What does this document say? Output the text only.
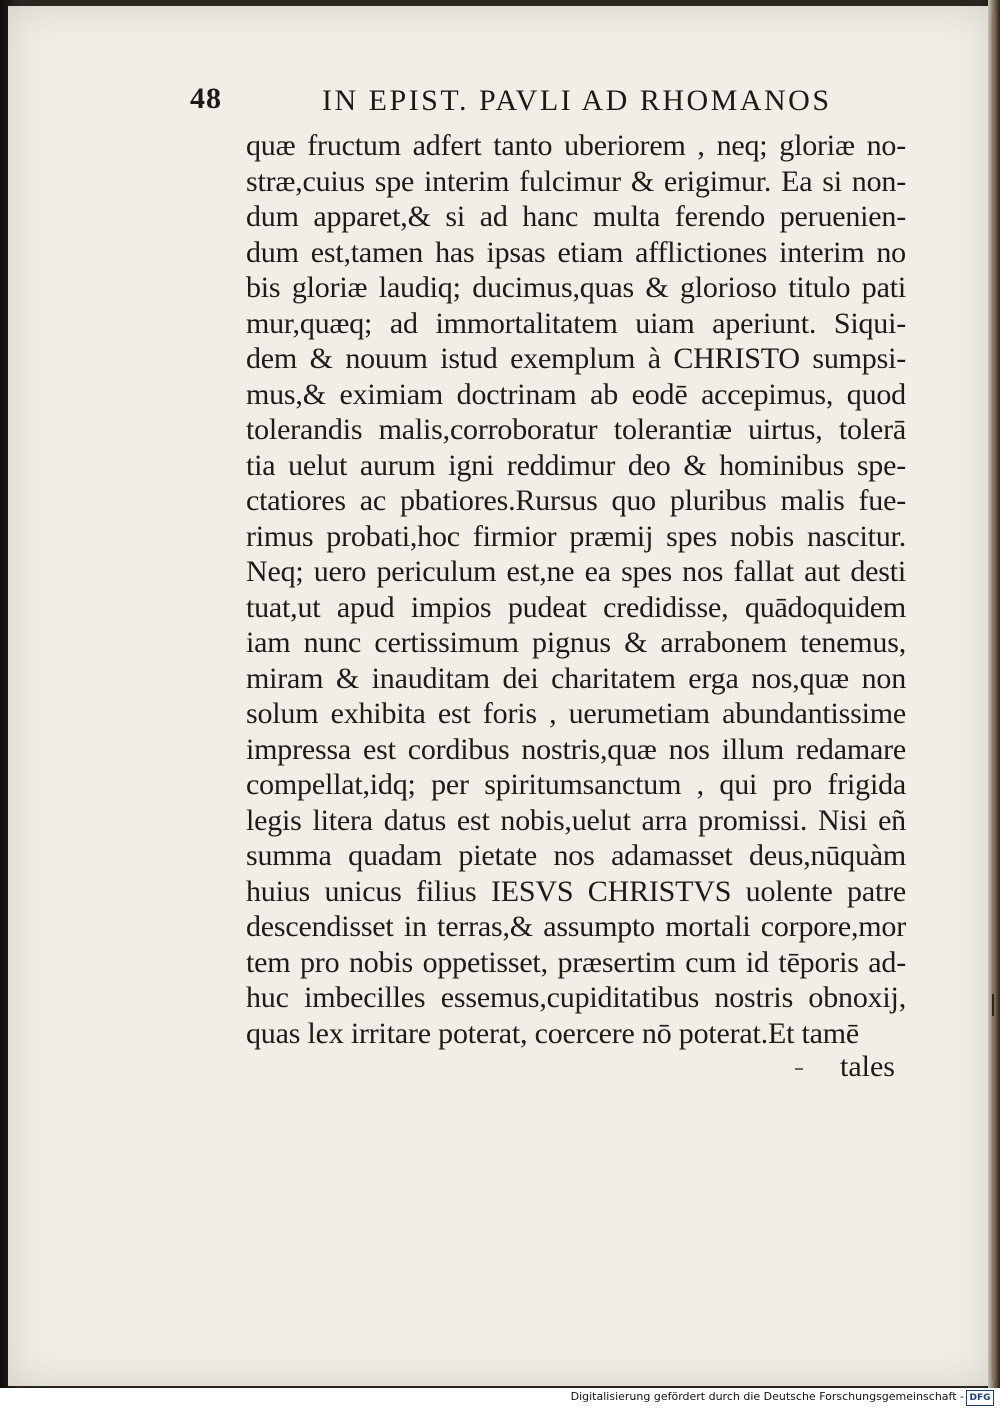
48	IN EPIST. PAVLI AD RHOMANOS
quæ fructum adfert tanto uberiorem , neq; gloriæ no-
stræ,cuius spe interim fulcimur & erigimur. Ea si non-
dum apparet,& si ad hanc multa ferendo peruenien-
dum est,tamen has ipsas etiam afflictiones interim no
bis gloriæ laudiq; ducimus,quas & glorioso titulo pati
mur,quæq; ad immortalitatem uiam aperiunt. Siqui-
dem & nouum istud exemplum à CHRISTO sumpsi-
mus,& eximiam doctrinam ab eodē accepimus, quod
tolerandis malis,corroboratur tolerantiæ uirtus, tolerā
tia uelut aurum igni reddimur deo & hominibus spe-
ctatiores ac pbatiores.Rursus quo pluribus malis fue-
rimus probati,hoc firmior præmij spes nobis nascitur.
Neq; uero periculum est,ne ea spes nos fallat aut desti
tuat,ut apud impios pudeat credidisse, quādoquidem
iam nunc certissimum pignus & arrabonem tenemus,
miram & inauditam dei charitatem erga nos,quæ non
solum exhibita est foris , uerumetiam abundantissime
impressa est cordibus nostris,quæ nos illum redamare
compellat,idq; per spiritumsanctum , qui pro frigida
legis litera datus est nobis,uelut arra promissi. Nisi eñ
summa quadam pietate nos adamasset deus,nūquàm
huius unicus filius IESVS CHRISTVS uolente patre
descendisset in terras,& assumpto mortali corpore,mor
tem pro nobis oppetisset, præsertim cum id tēporis ad-
huc imbecilles essemus,cupiditatibus nostris obnoxij,
quas lex irritare poterat, coercere nō poterat.Et tamē
tales
Digitalisierung gefördert durch die Deutsche Forschungsgemeinschaft - DFG
